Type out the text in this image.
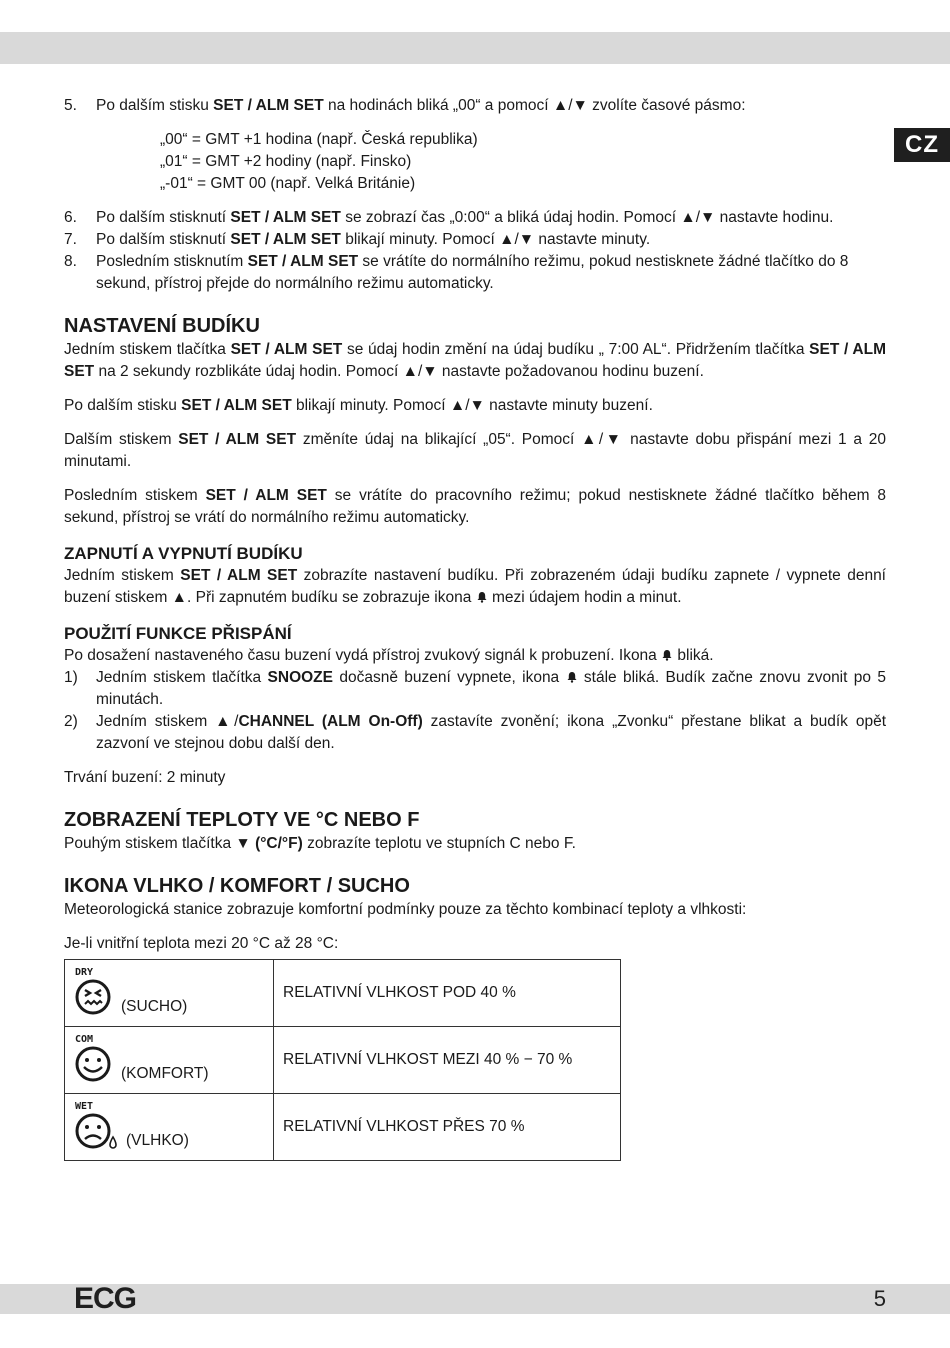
CZ
5.	Po dalším stisku SET / ALM SET na hodinách bliká „00“ a pomocí ▲/▼ zvolíte časové pásmo:
„00“ = GMT +1 hodina (např. Česká republika)
„01“ = GMT +2 hodiny (např. Finsko)
„-01“ = GMT 00 (např. Velká Británie)
6.	Po dalším stisknutí SET / ALM SET se zobrazí čas „0:00“ a bliká údaj hodin. Pomocí ▲/▼ nastavte hodinu.
7.	Po dalším stisknutí SET / ALM SET blikají minuty. Pomocí ▲/▼ nastavte minuty.
8.	Posledním stisknutím SET / ALM SET se vrátíte do normálního režimu, pokud nestisknete žádné tlačítko do 8 sekund, přístroj přejde do normálního režimu automaticky.
NASTAVENÍ BUDÍKU

Jedním stiskem tlačítka SET / ALM SET se údaj hodin změní na údaj budíku „ 7:00 AL“. Přidržením tlačítka SET / ALM SET na 2 sekundy rozblikáte údaj hodin. Pomocí ▲/▼ nastavte požadovanou hodinu buzení.

Po dalším stisku SET / ALM SET blikají minuty. Pomocí ▲/▼ nastavte minuty buzení.

Dalším stiskem SET / ALM SET změníte údaj na blikající „05“. Pomocí ▲/▼ nastavte dobu přispání mezi 1 a 20 minutami.

Posledním stiskem SET / ALM SET se vrátíte do pracovního režimu; pokud nestisknete žádné tlačítko během 8 sekund, přístroj se vrátí do normálního režimu automaticky.

ZAPNUTÍ A VYPNUTÍ BUDÍKU

Jedním stiskem SET / ALM SET zobrazíte nastavení budíku. Při zobrazeném údaji budíku zapnete / vypnete denní buzení stiskem ▲. Při zapnutém budíku se zobrazuje ikona  mezi údajem hodin a minut.

POUŽITÍ FUNKCE PŘISPÁNÍ

Po dosažení nastaveného času buzení vydá přístroj zvukový signál k probuzení. Ikona  bliká.

1)	Jedním stiskem tlačítka SNOOZE dočasně buzení vypnete, ikona  stále bliká. Budík začne znovu zvonit po 5 minutách.
2)	Jedním stiskem ▲/CHANNEL (ALM On-Off) zastavíte zvonění; ikona „Zvonku“ přestane blikat a budík opět zazvoní ve stejnou dobu další den.

Trvání buzení: 2 minuty

ZOBRAZENÍ TEPLOTY VE °C NEBO F

Pouhým stiskem tlačítka ▼ (°C/°F) zobrazíte teplotu ve stupních C nebo F.

IKONA VLHKO / KOMFORT / SUCHO

Meteorologická stanice zobrazuje komfortní podmínky pouze za těchto kombinací teploty a vlhkosti:

Je-li vnitřní teplota mezi 20 °C až 28 °C:

DRY
(SUCHO)	RELATIVNÍ VLHKOST POD 40 %

COM
(KOMFORT)	RELATIVNÍ VLHKOST MEZI 40 % − 70 %

WET
(VLHKO)	RELATIVNÍ VLHKOST PŘES 70 %
ECG	5
